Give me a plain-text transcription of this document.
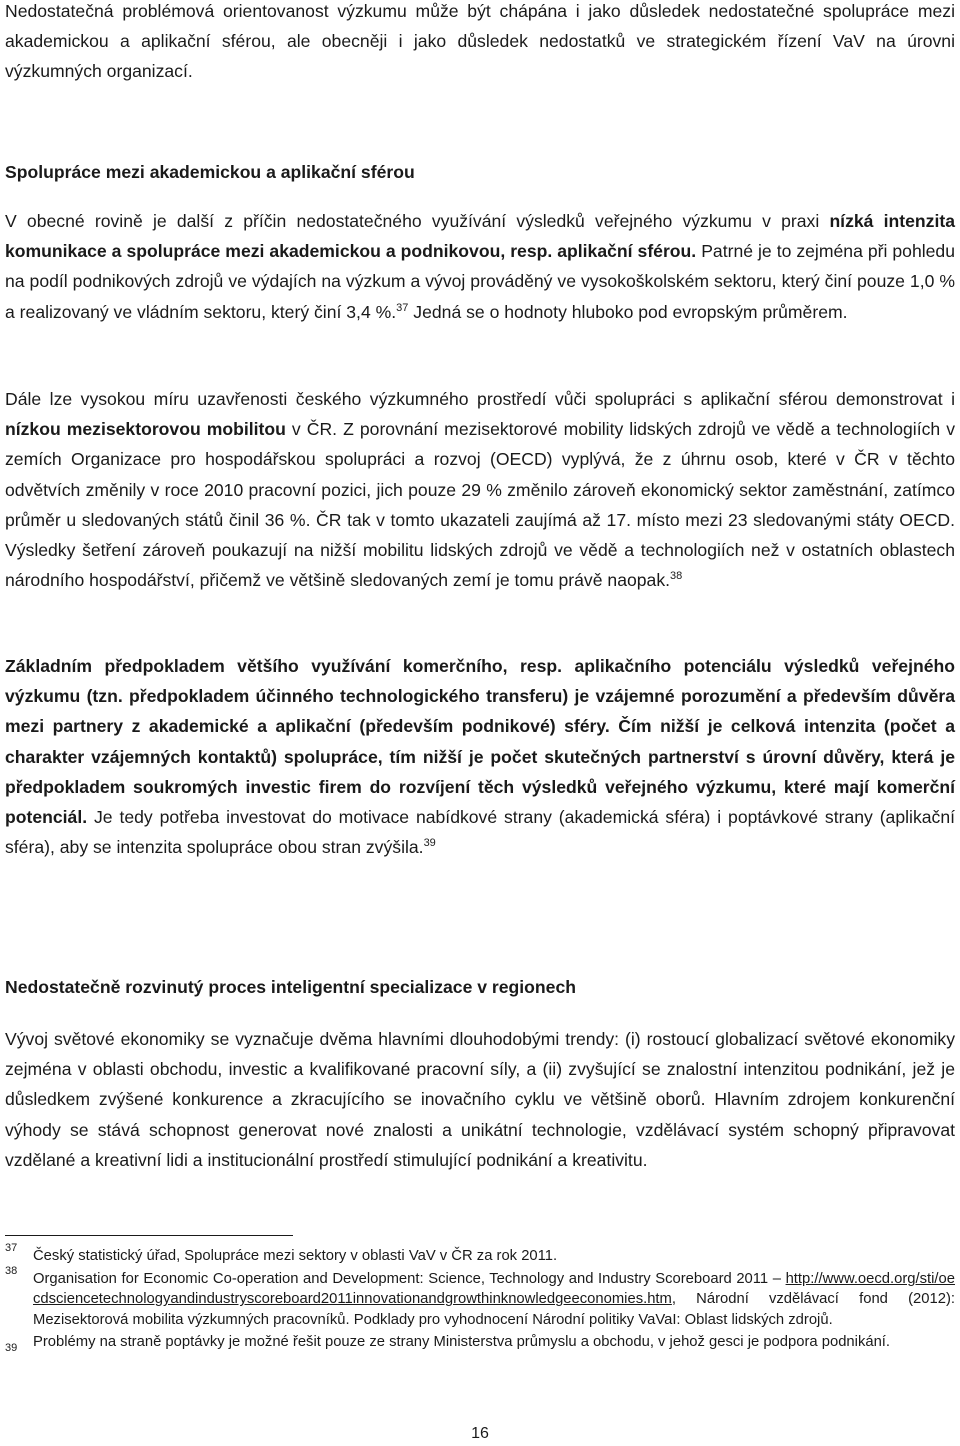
Nedostatečná problémová orientovanost výzkumu může být chápána i jako důsledek nedostatečné spolupráce mezi akademickou a aplikační sférou, ale obecněji i jako důsledek nedostatků ve strategickém řízení VaV na úrovni výzkumných organizací.

Spolupráce mezi akademickou a aplikační sférou

V obecné rovině je další z příčin nedostatečného využívání výsledků veřejného výzkumu v praxi nízká intenzita komunikace a spolupráce mezi akademickou a podnikovou, resp. aplikační sférou. Patrné je to zejména při pohledu na podíl podnikových zdrojů ve výdajích na výzkum a vývoj prováděný ve vysokoškolském sektoru, který činí pouze 1,0 % a realizovaný ve vládním sektoru, který činí 3,4 %.$^{37}$ Jedná se o hodnoty hluboko pod evropským průměrem.

Dále lze vysokou míru uzavřenosti českého výzkumného prostředí vůči spolupráci s aplikační sférou demonstrovat i nízkou mezisektorovou mobilitou v ČR. Z porovnání mezisektorové mobility lidských zdrojů ve vědě a technologiích v zemích Organizace pro hospodářskou spolupráci a rozvoj (OECD) vyplývá, že z úhrnu osob, které v ČR v těchto odvětvích změnily v roce 2010 pracovní pozici, jich pouze 29 % změnilo zároveň ekonomický sektor zaměstnání, zatímco průměr u sledovaných států činil 36 %. ČR tak v tomto ukazateli zaujímá až 17. místo mezi 23 sledovanými státy OECD. Výsledky šetření zároveň poukazují na nižší mobilitu lidských zdrojů ve vědě a technologiích než v ostatních oblastech národního hospodářství, přičemž ve většině sledovaných zemí je tomu právě naopak.$^{38}$

Základním předpokladem většího využívání komerčního, resp. aplikačního potenciálu výsledků veřejného výzkumu (tzn. předpokladem účinného technologického transferu) je vzájemné porozumění a především důvěra mezi partnery z akademické a aplikační (především podnikové) sféry. Čím nižší je celková intenzita (počet a charakter vzájemných kontaktů) spolupráce, tím nižší je počet skutečných partnerství s úrovní důvěry, která je předpokladem soukromých investic firem do rozvíjení těch výsledků veřejného výzkumu, které mají komerční potenciál. Je tedy potřeba investovat do motivace nabídkové strany (akademická sféra) i poptávkové strany (aplikační sféra), aby se intenzita spolupráce obou stran zvýšila.$^{39}$

Nedostatečně rozvinutý proces inteligentní specializace v regionech

Vývoj světové ekonomiky se vyznačuje dvěma hlavními dlouhodobými trendy: (i) rostoucí globalizací světové ekonomiky zejména v oblasti obchodu, investic a kvalifikované pracovní síly, a (ii) zvyšující se znalostní intenzitou podnikání, jež je důsledkem zvýšené konkurence a zkracujícího se inovačního cyklu ve většině oborů. Hlavním zdrojem konkurenční výhody se stává schopnost generovat nové znalosti a unikátní technologie, vzdělávací systém schopný připravovat vzdělané a kreativní lidi a institucionální prostředí stimulující podnikání a kreativitu.

37 Český statistický úřad, Spolupráce mezi sektory v oblasti VaV v ČR za rok 2011.

38 Organisation for Economic Co-operation and Development: Science, Technology and Industry Scoreboard 2011 – http://www.oecd.org/sti/oecdsciencetechnologyandindustryscoreboard2011innovationandgrowthinknowledgeeconomies.htm, Národní vzdělávací fond (2012): Mezisektorová mobilita výzkumných pracovníků. Podklady pro vyhodnocení Národní politiky VaVaI: Oblast lidských zdrojů.

39 Problémy na straně poptávky je možné řešit pouze ze strany Ministerstva průmyslu a obchodu, v jehož gesci je podpora podnikání.

16
